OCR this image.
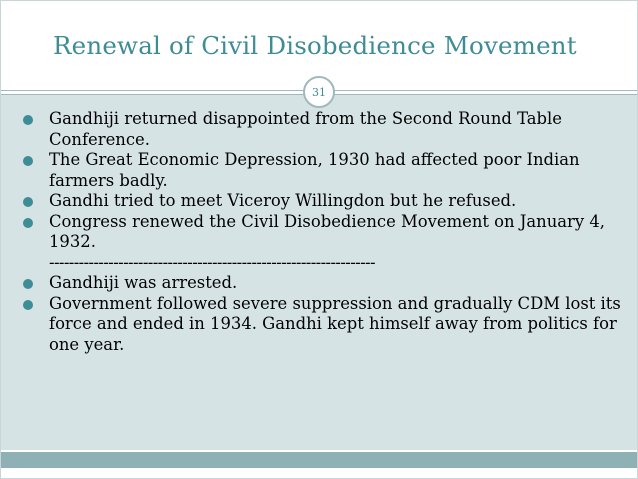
Renewal of Civil Disobedience Movement
31
Gandhiji returned disappointed from the Second Round Table Conference.
The Great Economic Depression, 1930 had affected poor Indian farmers badly.
Gandhi tried to meet Viceroy Willingdon but he refused.
Congress renewed the Civil Disobedience Movement on January 4, 1932.
------------------------------------------------------------------
Gandhiji was arrested.
Government followed severe suppression and gradually CDM lost its force and ended in 1934. Gandhi kept himself away from politics for one year.
